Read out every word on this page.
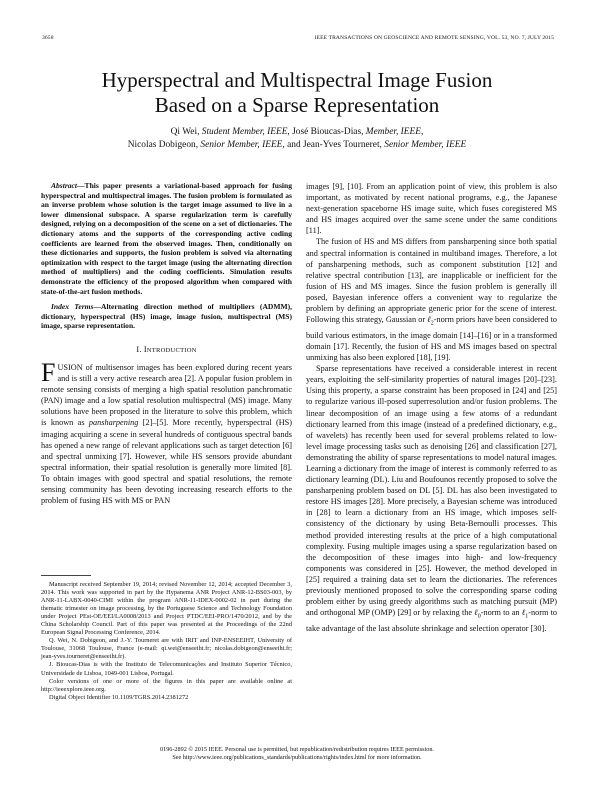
3658	IEEE TRANSACTIONS ON GEOSCIENCE AND REMOTE SENSING, VOL. 53, NO. 7, JULY 2015
Hyperspectral and Multispectral Image Fusion
Based on a Sparse Representation
Qi Wei, Student Member, IEEE, José Bioucas-Dias, Member, IEEE,
Nicolas Dobigeon, Senior Member, IEEE, and Jean-Yves Tourneret, Senior Member, IEEE

Abstract—This paper presents a variational-based approach for fusing hyperspectral and multispectral images. The fusion problem is formulated as an inverse problem whose solution is the target image assumed to live in a lower dimensional subspace. A sparse regularization term is carefully designed, relying on a decomposition of the scene on a set of dictionaries. The dictionary atoms and the supports of the corresponding active coding coefficients are learned from the observed images. Then, conditionally on these dictionaries and supports, the fusion problem is solved via alternating optimization with respect to the target image (using the alternating direction method of multipliers) and the coding coefficients. Simulation results demonstrate the efficiency of the proposed algorithm when compared with state-of-the-art fusion methods.

Index Terms—Alternating direction method of multipliers (ADMM), dictionary, hyperspectral (HS) image, image fusion, multispectral (MS) image, sparse representation.

I. INTRODUCTION

FUSION of multisensor images has been explored during recent years and is still a very active research area [2]. A popular fusion problem in remote sensing consists of merging a high spatial resolution panchromatic (PAN) image and a low spatial resolution multispectral (MS) image. Many solutions have been proposed in the literature to solve this problem, which is known as pansharpening [2]–[5]. More recently, hyperspectral (HS) imaging acquiring a scene in several hundreds of contiguous spectral bands has opened a new range of relevant applications such as target detection [6] and spectral unmixing [7]. However, while HS sensors provide abundant spectral information, their spatial resolution is generally more limited [8]. To obtain images with good spectral and spatial resolutions, the remote sensing community has been devoting increasing research efforts to the problem of fusing HS with MS or PAN

Manuscript received September 19, 2014; revised November 12, 2014; accepted December 3, 2014. This work was supported in part by the Hypanema ANR Project ANR-12-BS03-003, by ANR-11-LABX-0040-CIMI within the program ANR-11-IDEX-0002-02 in part during the thematic trimester on image processing, by the Portuguese Science and Technology Foundation under Project PEst-OE/EEI/LA0008/2013 and Project PTDC/EEI-PRO/1470/2012, and by the China Scholarship Council. Part of this paper was presented at the Proceedings of the 22nd European Signal Processing Conference, 2014.

Q. Wei, N. Dobigeon, and J.-Y. Tourneret are with IRIT and INP-ENSEEIHT, University of Toulouse, 31068 Toulouse, France (e-mail: qi.wei@enseeiht.fr; nicolas.dobigeon@enseeiht.fr; jean-yves.tourneret@enseeiht.fr).

J. Bioucas-Dias is with the Instituto de Telecomunicações and Instituto Superior Técnico, Universidade de Lisboa, 1049-001 Lisboa, Portugal.

Color versions of one or more of the figures in this paper are available online at http://ieeexplore.ieee.org.

Digital Object Identifier 10.1109/TGRS.2014.2381272

images [9], [10]. From an application point of view, this problem is also important, as motivated by recent national programs, e.g., the Japanese next-generation spaceborne HS image suite, which fuses coregistered MS and HS images acquired over the same scene under the same conditions [11].

The fusion of HS and MS differs from pansharpening since both spatial and spectral information is contained in multiband images. Therefore, a lot of pansharpening methods, such as component substitution [12] and relative spectral contribution [13], are inapplicable or inefficient for the fusion of HS and MS images. Since the fusion problem is generally ill posed, Bayesian inference offers a convenient way to regularize the problem by defining an appropriate generic prior for the scene of interest. Following this strategy, Gaussian or ℓ$_2$-norm priors have been considered to build various estimators, in the image domain [14]–[16] or in a transformed domain [17]. Recently, the fusion of HS and MS images based on spectral unmixing has also been explored [18], [19].

Sparse representations have received a considerable interest in recent years, exploiting the self-similarity properties of natural images [20]–[23]. Using this property, a sparse constraint has been proposed in [24] and [25] to regularize various ill-posed superresolution and/or fusion problems. The linear decomposition of an image using a few atoms of a redundant dictionary learned from this image (instead of a predefined dictionary, e.g., of wavelets) has recently been used for several problems related to low-level image processing tasks such as denoising [26] and classification [27], demonstrating the ability of sparse representations to model natural images. Learning a dictionary from the image of interest is commonly referred to as dictionary learning (DL). Liu and Boufounos recently proposed to solve the pansharpening problem based on DL [5]. DL has also been investigated to restore HS images [28]. More precisely, a Bayesian scheme was introduced in [28] to learn a dictionary from an HS image, which imposes self-consistency of the dictionary by using Beta-Bernoulli processes. This method provided interesting results at the price of a high computational complexity. Fusing multiple images using a sparse regularization based on the decomposition of these images into high- and low-frequency components was considered in [25]. However, the method developed in [25] required a training data set to learn the dictionaries. The references previously mentioned proposed to solve the corresponding sparse coding problem either by using greedy algorithms such as matching pursuit (MP) and orthogonal MP (OMP) [29] or by relaxing the ℓ$_0$-norm to an ℓ$_1$-norm to take advantage of the last absolute shrinkage and selection operator [30].

0196-2892 © 2015 IEEE. Personal use is permitted, but republication/redistribution requires IEEE permission.
See http://www.ieee.org/publications_standards/publications/rights/index.html for more information.
